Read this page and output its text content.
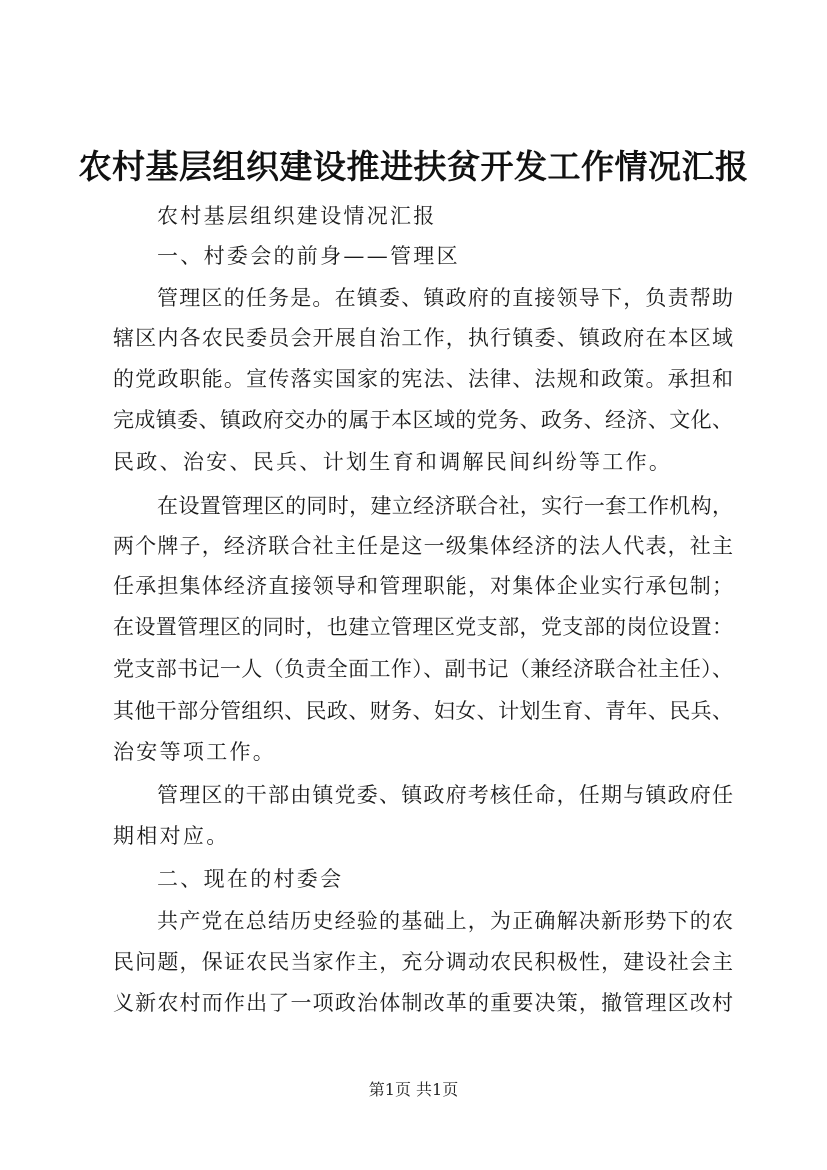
农村基层组织建设推进扶贫开发工作情况汇报
农村基层组织建设情况汇报
一、村委会的前身——管理区
管理区的任务是。在镇委、镇政府的直接领导下，负责帮助
辖区内各农民委员会开展自治工作，执行镇委、镇政府在本区域
的党政职能。宣传落实国家的宪法、法律、法规和政策。承担和
完成镇委、镇政府交办的属于本区域的党务、政务、经济、文化、
民政、治安、民兵、计划生育和调解民间纠纷等工作。
在设置管理区的同时，建立经济联合社，实行一套工作机构，
两个牌子，经济联合社主任是这一级集体经济的法人代表，社主
任承担集体经济直接领导和管理职能，对集体企业实行承包制；
在设置管理区的同时，也建立管理区党支部，党支部的岗位设置：
党支部书记一人（负责全面工作）、副书记（兼经济联合社主任）、
其他干部分管组织、民政、财务、妇女、计划生育、青年、民兵、
治安等项工作。
管理区的干部由镇党委、镇政府考核任命，任期与镇政府任
期相对应。
二、现在的村委会
共产党在总结历史经验的基础上，为正确解决新形势下的农
民问题，保证农民当家作主，充分调动农民积极性，建设社会主
义新农村而作出了一项政治体制改革的重要决策，撤管理区改村
第1页 共1页
